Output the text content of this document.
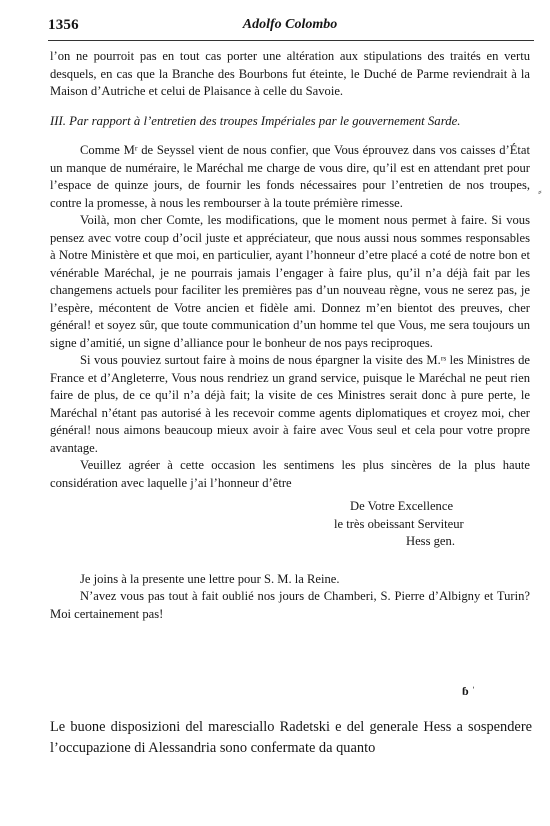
1356	Adolfo Colombo

l’on ne pourroit pas en tout cas porter une altération aux stipulations des traités en vertu desquels, en cas que la Branche des Bourbons fut éteinte, le Duché de Parme reviendrait à la Maison d’Autriche et celui de Plaisance à celle du Savoie.

III. Par rapport à l’entretien des troupes Impériales par le gouvernement Sarde.

Comme Mʳ de Seyssel vient de nous confier, que Vous éprouvez dans vos caisses d’État un manque de numéraire, le Maréchal me charge de vous dire, qu’il est en attendant pret pour l’espace de quinze jours, de fournir les fonds nécessaires pour l’entretien de nos troupes, contre la promesse, à nous les rembourser à la toute prémière rimesse.

Voilà, mon cher Comte, les modifications, que le moment nous permet à faire. Si vous pensez avec votre coup d’ocil juste et appréciateur, que nous aussi nous sommes responsables à Notre Ministère et que moi, en particulier, ayant l’honneur d’etre placé a coté de notre bon et vénérable Maréchal, je ne pourrais jamais l’engager à faire plus, qu’il n’a déjà fait par les changemens actuels pour faciliter les premières pas d’un nouveau règne, vous ne serez pas, je l’espère, mécontent de Votre ancien et fidèle ami. Donnez m’en bientot des preuves, cher général! et soyez sûr, que toute communication d’un homme tel que Vous, me sera toujours un signe d’amitié, un signe d’alliance pour le bonheur de nos pays reciproques.

Si vous pouviez surtout faire à moins de nous épargner la visite des M.ʳˢ les Ministres de France et d’Angleterre, Vous nous rendriez un grand service, puisque le Maréchal ne peut rien faire de plus, de ce qu’il n’a déjà fait; la visite de ces Ministres serait donc à pure perte, le Maréchal n’étant pas autorisé à les recevoir comme agents diplomatiques et croyez moi, cher général! nous aimons beaucoup mieux avoir à faire avec Vous seul et cela pour votre propre avantage.

Veuillez agréer à cette occasion les sentimens les plus sincères de la plus haute considération avec laquelle j’ai l’honneur d’être

De Votre Excellence
le très obeissant Serviteur
Hess gen.

Je joins à la presente une lettre pour S. M. la Reine.

N’avez vous pas tout à fait oublié nos jours de Chamberi, S. Pierre d’Albigny et Turin? Moi certainement pas!

⸗
ɓ ˈ

Le buone disposizioni del maresciallo Radetski e del generale Hess a sospendere l’occupazione di Alessandria sono confermate da quanto
